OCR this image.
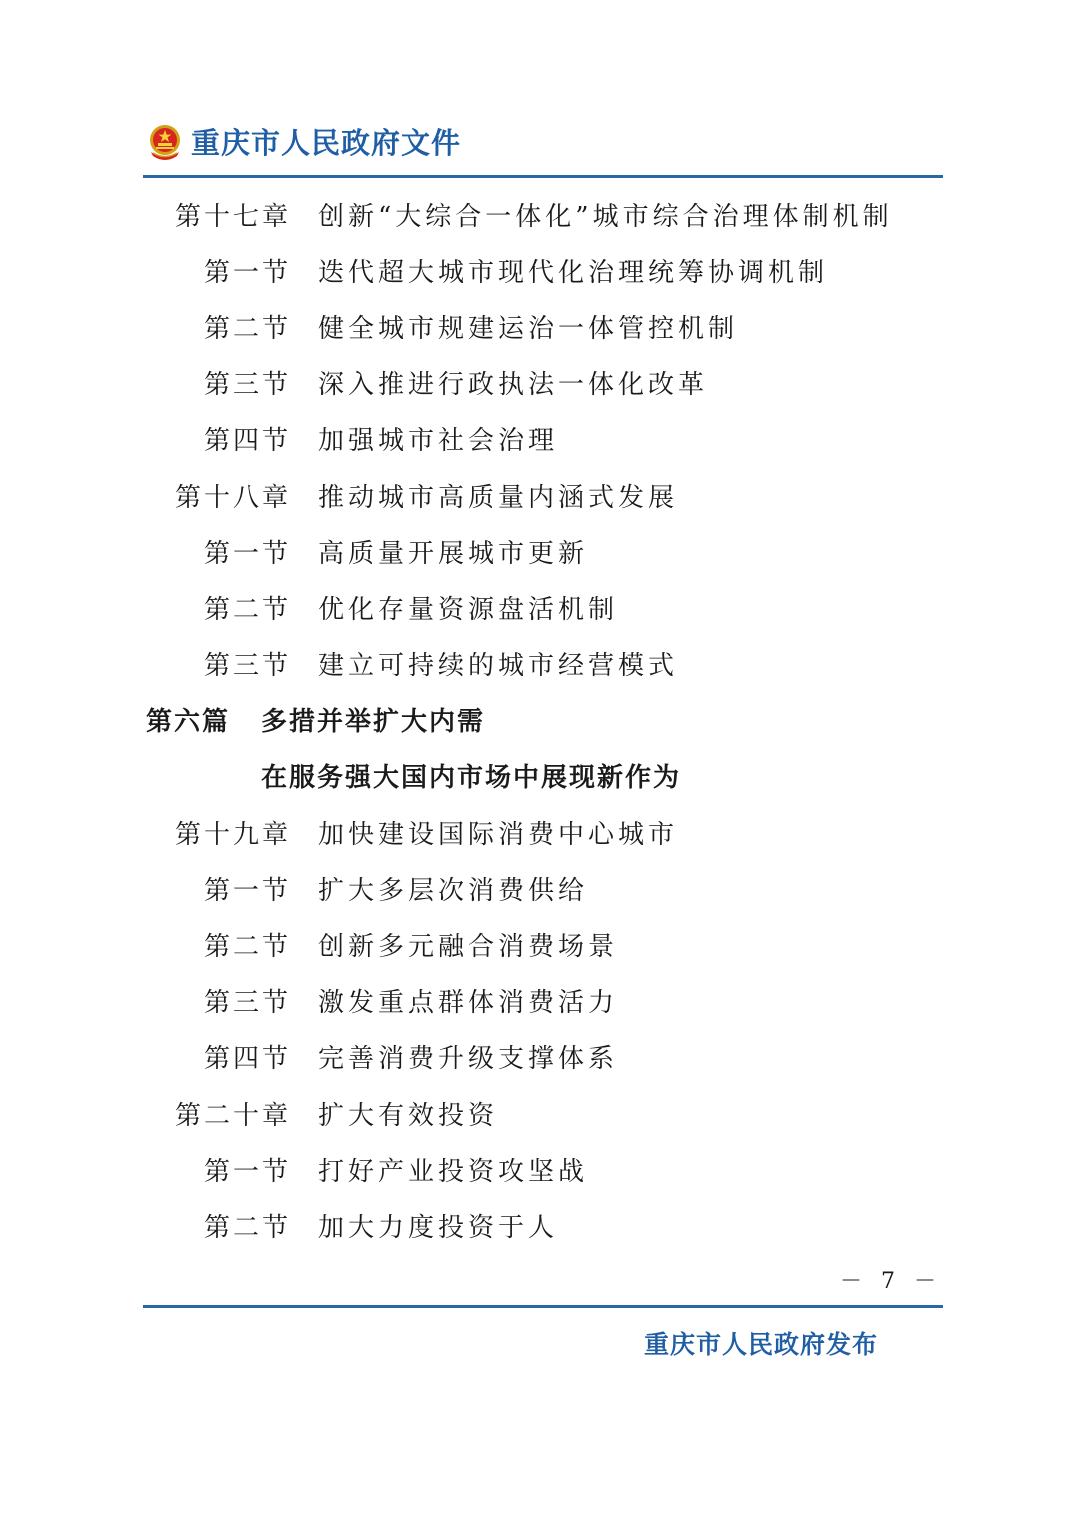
重庆市人民政府文件
第十七章 创新“大综合一体化”城市综合治理体制机制
第一节 迭代超大城市现代化治理统筹协调机制
第二节 健全城市规建运治一体管控机制
第三节 深入推进行政执法一体化改革
第四节 加强城市社会治理
第十八章 推动城市高质量内涵式发展
第一节 高质量开展城市更新
第二节 优化存量资源盘活机制
第三节 建立可持续的城市经营模式
第六篇 多措并举扩大内需
在服务强大国内市场中展现新作为
第十九章 加快建设国际消费中心城市
第一节 扩大多层次消费供给
第二节 创新多元融合消费场景
第三节 激发重点群体消费活力
第四节 完善消费升级支撑体系
第二十章 扩大有效投资
第一节 打好产业投资攻坚战
第二节 加大力度投资于人
－ 7 －
重庆市人民政府发布
